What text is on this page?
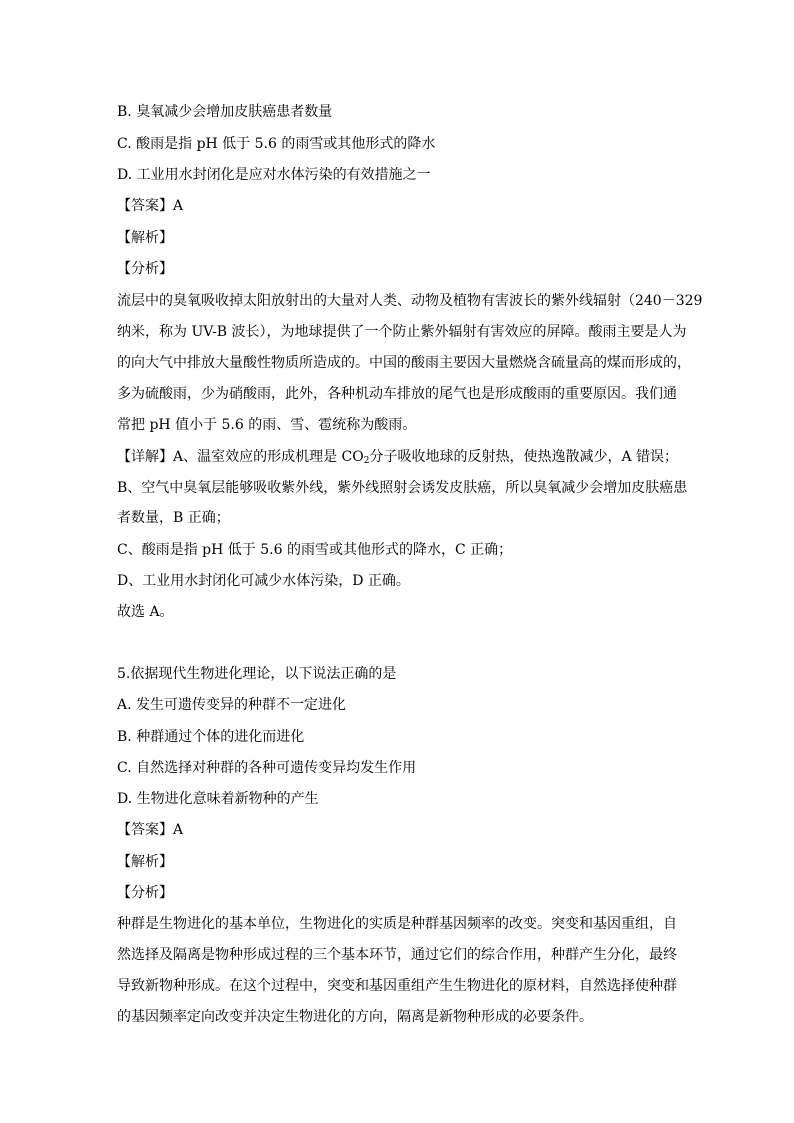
B. 臭氧减少会增加皮肤癌患者数量
C. 酸雨是指 pH 低于 5.6 的雨雪或其他形式的降水
D. 工业用水封闭化是应对水体污染的有效措施之一
【答案】A
【解析】
【分析】
流层中的臭氧吸收掉太阳放射出的大量对人类、动物及植物有害波长的紫外线辐射（240－329
纳米，称为 UV-B 波长），为地球提供了一个防止紫外辐射有害效应的屏障。酸雨主要是人为
的向大气中排放大量酸性物质所造成的。中国的酸雨主要因大量燃烧含硫量高的煤而形成的，
多为硫酸雨，少为硝酸雨，此外，各种机动车排放的尾气也是形成酸雨的重要原因。我们通
常把 pH 值小于 5.6 的雨、雪、雹统称为酸雨。
【详解】A、温室效应的形成机理是 $CO_2$分子吸收地球的反射热，使热逸散减少，A 错误；
B、空气中臭氧层能够吸收紫外线，紫外线照射会诱发皮肤癌，所以臭氧减少会增加皮肤癌患
者数量，B 正确；
C、酸雨是指 pH 低于 5.6 的雨雪或其他形式的降水，C 正确；
D、工业用水封闭化可减少水体污染，D 正确。
故选 A。
5.依据现代生物进化理论，以下说法正确的是
A. 发生可遗传变异的种群不一定进化
B. 种群通过个体的进化而进化
C. 自然选择对种群的各种可遗传变异均发生作用
D. 生物进化意味着新物种的产生
【答案】A
【解析】
【分析】
种群是生物进化的基本单位，生物进化的实质是种群基因频率的改变。突变和基因重组，自
然选择及隔离是物种形成过程的三个基本环节，通过它们的综合作用，种群产生分化，最终
导致新物种形成。在这个过程中，突变和基因重组产生生物进化的原材料，自然选择使种群
的基因频率定向改变并决定生物进化的方向，隔离是新物种形成的必要条件。
